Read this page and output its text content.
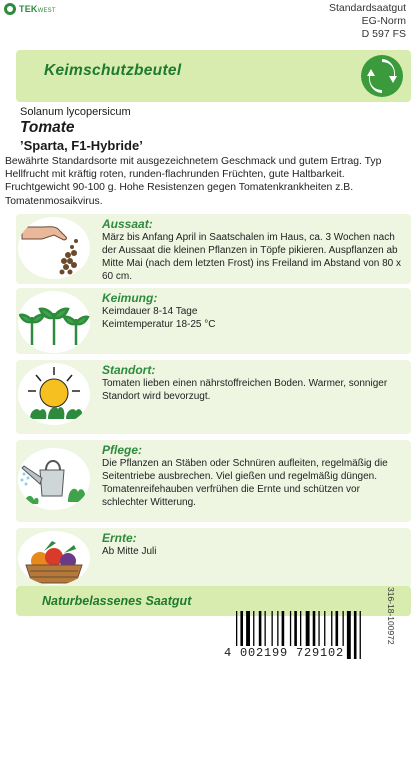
TEKWEST	Standardsaatgut
EG-Norm
D 597 FS
Keimschutzbeutel
Solanum lycopersicum
Tomate
’Sparta, F1-Hybride’
Bewährte Standardsorte mit ausgezeichnetem Geschmack und gutem Ertrag. Typ Hellfrucht mit kräftig roten, runden-flachrunden Früchten, gute Haltbarkeit. Fruchtgewicht 90-100 g. Hohe Resistenzen gegen Tomatenkrankheiten z.B. Tomatenmosaikvirus.
Aussaat:
März bis Anfang April in Saatschalen im Haus, ca. 3 Wochen nach der Aussaat die kleinen Pflanzen in Töpfe pikieren. Auspflanzen ab Mitte Mai (nach dem letzten Frost) ins Freiland im Abstand von 80 x 60 cm.
Keimung:
Keimdauer 8-14 Tage
Keimtemperatur 18-25 °C
Standort:
Tomaten lieben einen nährstoffreichen Boden. Warmer, sonniger Standort wird bevorzugt.
Pflege:
Die Pflanzen an Stäben oder Schnüren aufleiten, regelmäßig die Seitentriebe ausbrechen. Viel gießen und regelmäßig düngen. Tomatenreifehauben verfrühen die Ernte und schützen vor schlechter Witterung.
Ernte:
Ab Mitte Juli
Naturbelassenes Saatgut	316-18-100972
4 002199 729102
